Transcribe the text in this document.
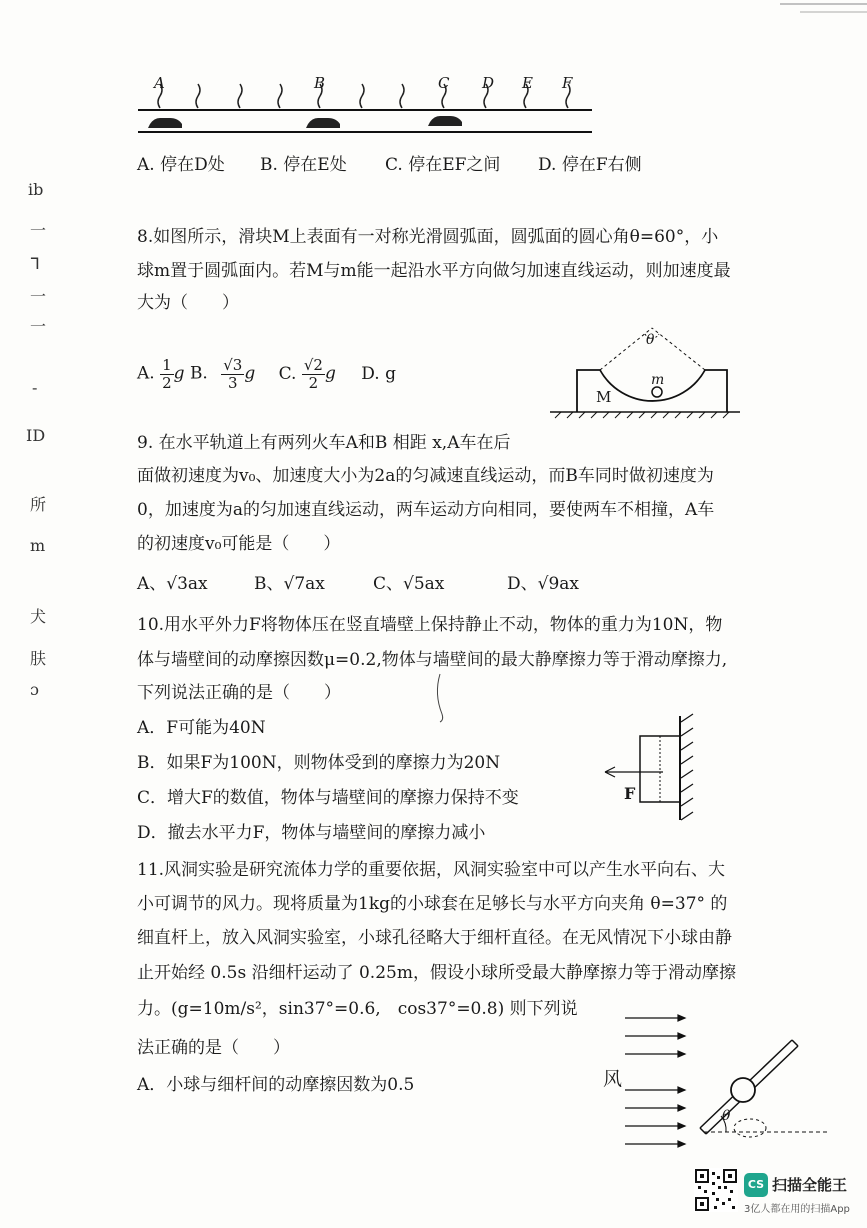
A	B	C D E F
A. 停在D处 B. 停在E处 C. 停在EF之间 D. 停在F右侧
8.如图所示，滑块M上表面有一对称光滑圆弧面，圆弧面的圆心角θ=60°，小
球m置于圆弧面内。若M与m能一起沿水平方向做匀加速直线运动，则加速度最
大为（　　）
A. $\frac{1}{2}$ g B. $\frac{√3}{3}$ g C. $\frac{√2}{2}$ g D. g
θ
M
m
9. 在水平轨道上有两列火车A和B 相距 x,A车在后
面做初速度为v₀、加速度大小为2a的匀减速直线运动，而B车同时做初速度为
0，加速度为a的匀加速直线运动，两车运动方向相同，要使两车不相撞，A车
的初速度v₀可能是（　　）
A、√3ax	B、√7ax	C、√5ax	D、√9ax
10.用水平外力F将物体压在竖直墙壁上保持静止不动，物体的重力为10N，物
体与墙壁间的动摩擦因数μ=0.2,物体与墙壁间的最大静摩擦力等于滑动摩擦力,
下列说法正确的是（　　）
A．F可能为40N
B．如果F为100N，则物体受到的摩擦力为20N
C．增大F的数值，物体与墙壁间的摩擦力保持不变
D．撤去水平力F，物体与墙壁间的摩擦力减小
F
11.风洞实验是研究流体力学的重要依据，风洞实验室中可以产生水平向右、大
小可调节的风力。现将质量为1kg的小球套在足够长与水平方向夹角 θ=37° 的
细直杆上，放入风洞实验室，小球孔径略大于细杆直径。在无风情况下小球由静
止开始经 0.5s 沿细杆运动了 0.25m，假设小球所受最大静摩擦力等于滑动摩擦
力。(g=10m/s²，sin37°=0.6,　cos37°=0.8) 则下列说
法正确的是（　　）
A．小球与细杆间的动摩擦因数为0.5	风
θ
ib
一
ᒣ
一
一
-
ID
所
m
犬
肤
ɔ
CS 扫描全能王
3亿人都在用的扫描App
